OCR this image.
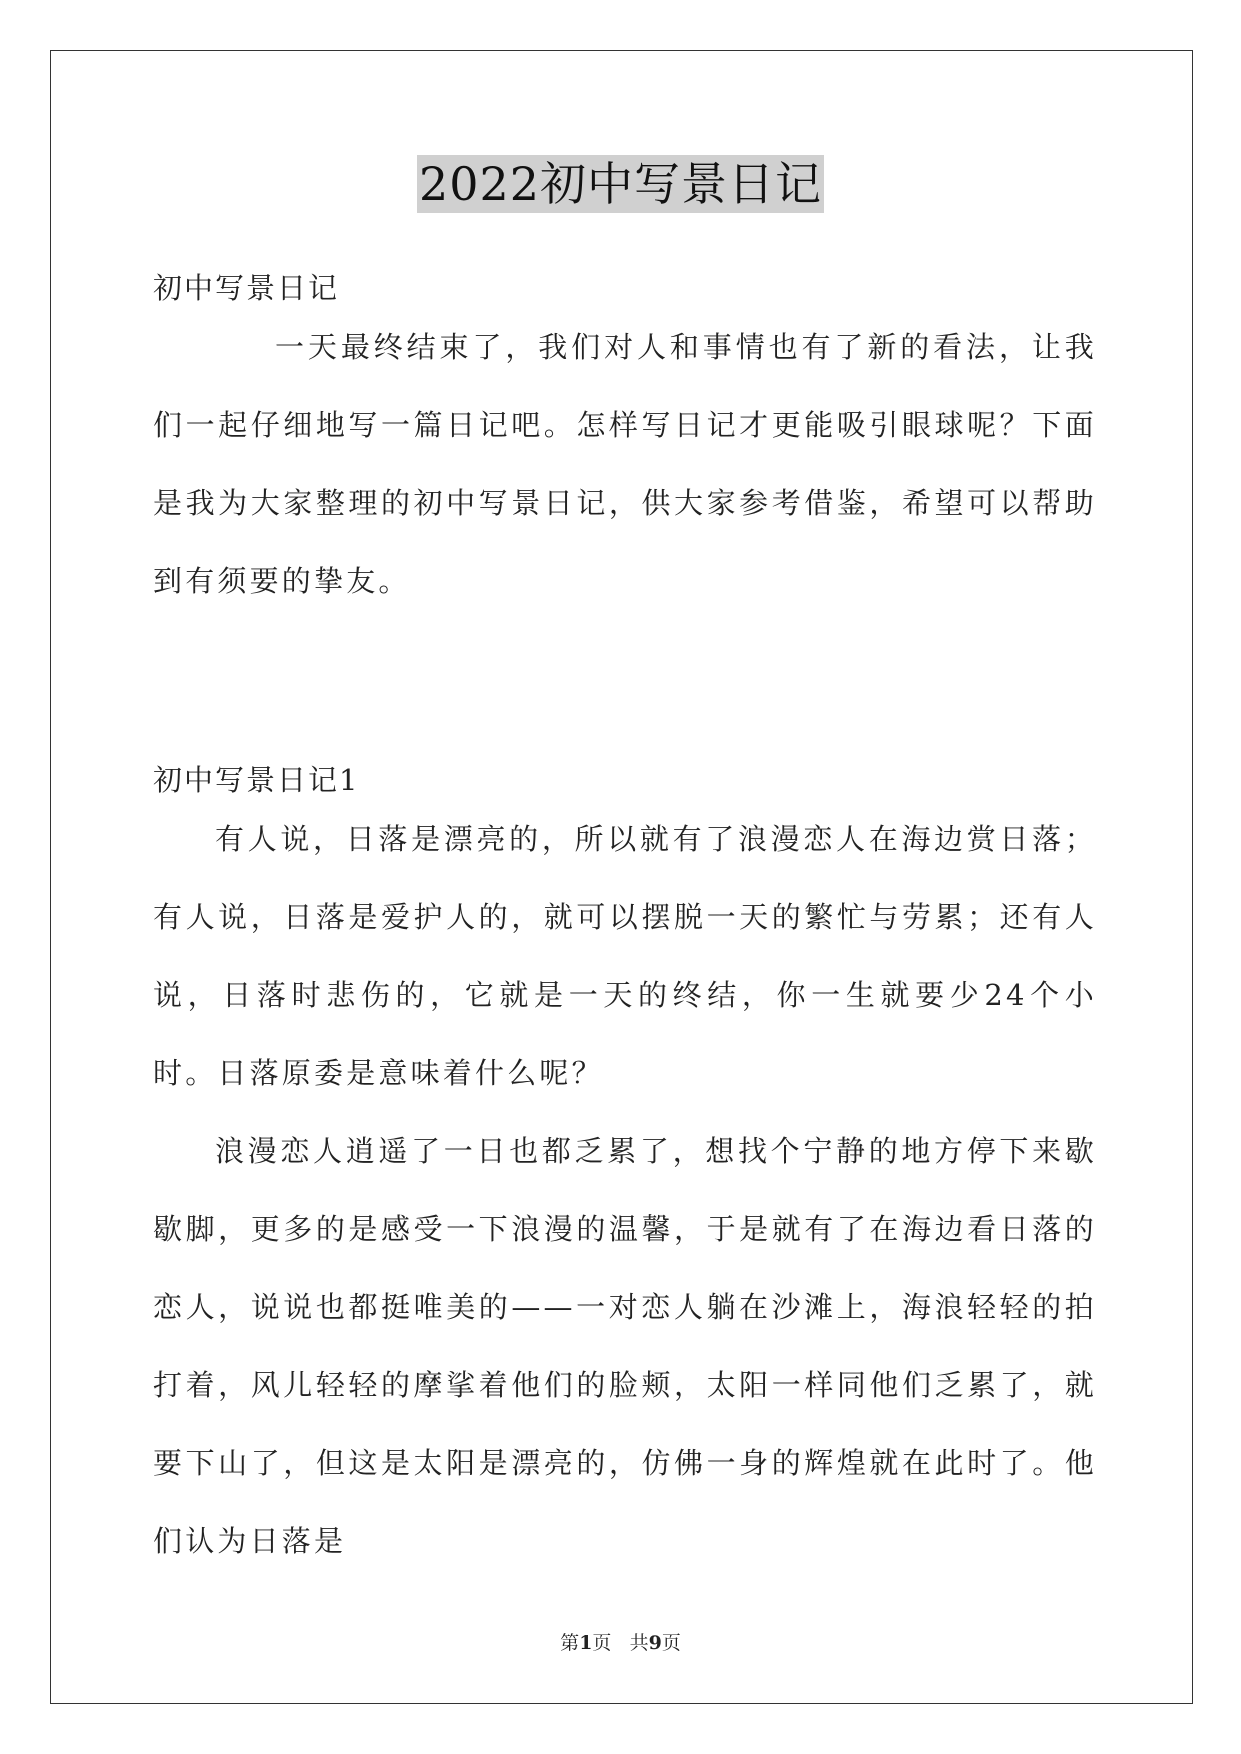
2022初中写景日记
初中写景日记
一天最终结束了，我们对人和事情也有了新的看法，让我们一起仔细地写一篇日记吧。怎样写日记才更能吸引眼球呢？下面是我为大家整理的初中写景日记，供大家参考借鉴，希望可以帮助到有须要的挚友。
初中写景日记1
有人说，日落是漂亮的，所以就有了浪漫恋人在海边赏日落；有人说，日落是爱护人的，就可以摆脱一天的繁忙与劳累；还有人说，日落时悲伤的，它就是一天的终结，你一生就要少24个小时。日落原委是意味着什么呢？
浪漫恋人逍遥了一日也都乏累了，想找个宁静的地方停下来歇歇脚，更多的是感受一下浪漫的温馨，于是就有了在海边看日落的恋人，说说也都挺唯美的——一对恋人躺在沙滩上，海浪轻轻的拍打着，风儿轻轻的摩挲着他们的脸颊，太阳一样同他们乏累了，就要下山了，但这是太阳是漂亮的，仿佛一身的辉煌就在此时了。他们认为日落是
第1页 共9页
